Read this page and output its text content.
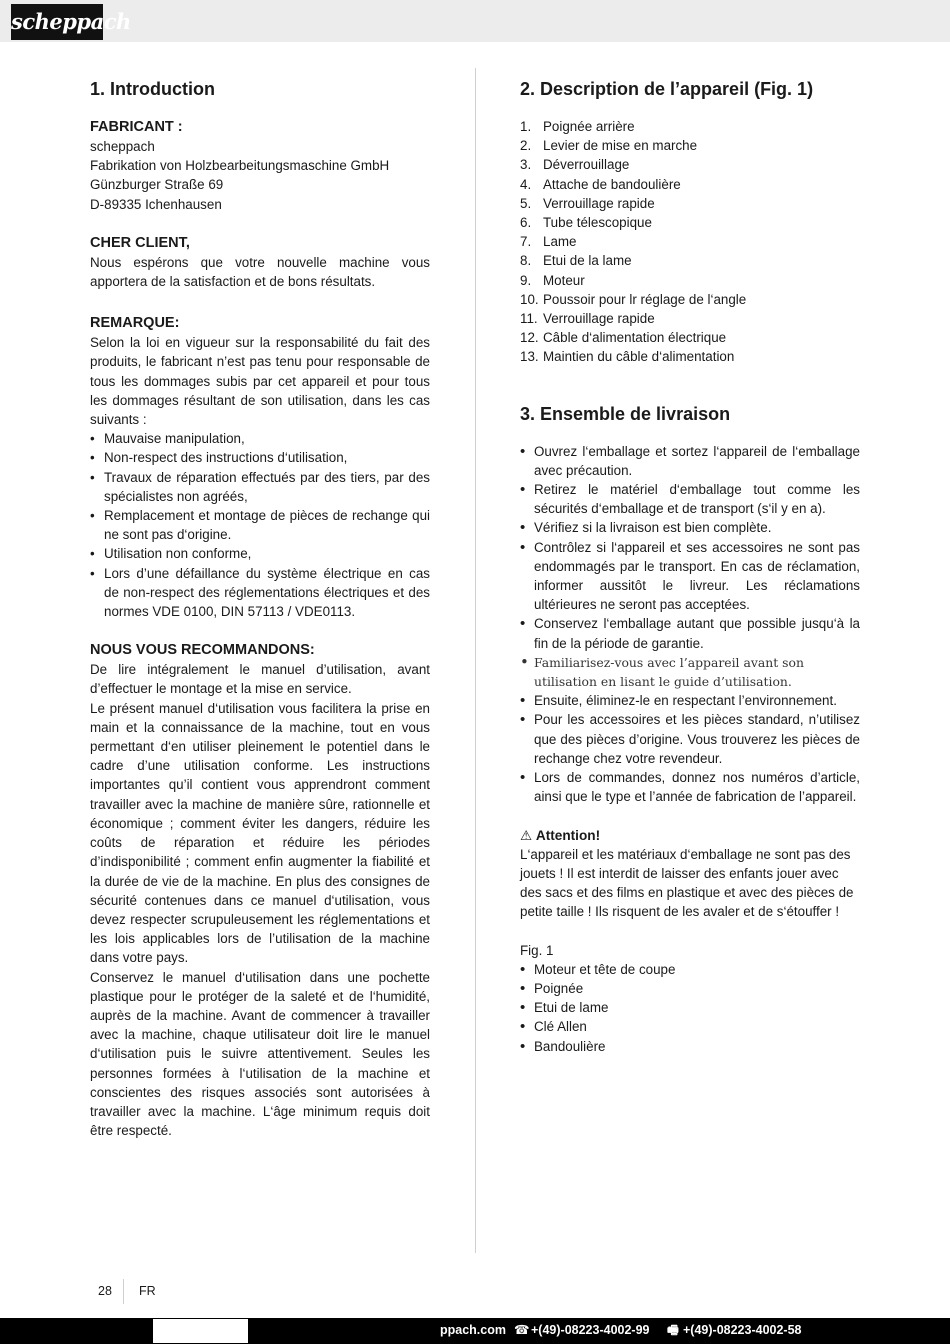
scheppach
1. Introduction
FABRICANT :

scheppach

Fabrikation von Holzbearbeitungsmaschine GmbH

Günzburger Straße 69

D-89335 Ichenhausen

CHER CLIENT,

Nous espérons que votre nouvelle machine vous apportera de la satisfaction et de bons résultats.

REMARQUE:

Selon la loi en vigueur sur la responsabilité du fait des produits, le fabricant n’est pas tenu pour responsable de tous les dommages subis par cet appareil et pour tous les dommages résultant de son utilisation, dans les cas suivants :

• Mauvaise manipulation,
• Non-respect des instructions d‘utilisation,
• Travaux de réparation effectués par des tiers, par des spécialistes non agréés,
• Remplacement et montage de pièces de rechange qui ne sont pas d‘origine.
• Utilisation non conforme,
• Lors d’une défaillance du système électrique en cas de non-respect des réglementations électriques et des normes VDE 0100, DIN 57113 / VDE0113.
NOUS VOUS RECOMMANDONS:

De lire intégralement le manuel d’utilisation, avant d’effectuer le montage et la mise en service.

Le présent manuel d‘utilisation vous facilitera la prise en main et la connaissance de la machine, tout en vous permettant d‘en utiliser pleinement le potentiel dans le cadre d’une utilisation conforme. Les instructions importantes qu’il contient vous apprendront comment travailler avec la machine de manière sûre, rationnelle et économique ; comment éviter les dangers, réduire les coûts de réparation et réduire les périodes d’indisponibilité ; comment enfin augmenter la fiabilité et la durée de vie de la machine. En plus des consignes de sécurité contenues dans ce manuel d‘utilisation, vous devez respecter scrupuleusement les réglementations et les lois applicables lors de l’utilisation de la machine dans votre pays.

Conservez le manuel d‘utilisation dans une pochette plastique pour le protéger de la saleté et de l‘humidité, auprès de la machine. Avant de commencer à travailler avec la machine, chaque utilisateur doit lire le manuel d‘utilisation puis le suivre attentivement. Seules les personnes formées à l‘utilisation de la machine et conscientes des risques associés sont autorisées à travailler avec la machine. L‘âge minimum requis doit être respecté.

2. Description de l’appareil (Fig. 1)
1. Poignée arrière
2. Levier de mise en marche
3. Déverrouillage
4. Attache de bandoulière
5. Verrouillage rapide
6. Tube télescopique
7. Lame
8. Etui de la lame
9. Moteur
10. Poussoir pour lr réglage de l‘angle
11. Verrouillage rapide
12. Câble d‘alimentation électrique
13. Maintien du câble d‘alimentation
3. Ensemble de livraison
• Ouvrez l‘emballage et sortez l‘appareil de l‘emballage avec précaution.
• Retirez le matériel d‘emballage tout comme les sécurités d‘emballage et de transport (s‘il y en a).
• Vérifiez si la livraison est bien complète.
• Contrôlez si l‘appareil et ses accessoires ne sont pas endommagés par le transport. En cas de réclamation, informer aussitôt le livreur. Les réclamations ultérieures ne seront pas acceptées.
• Conservez l‘emballage autant que possible jusqu‘à la fin de la période de garantie.
• Familiarisez-vous avec l’appareil avant son utilisation en lisant le guide d’utilisation.
• Ensuite, éliminez-le en respectant l’environnement.
• Pour les accessoires et les pièces standard, n’utilisez que des pièces d’origine. Vous trouverez les pièces de rechange chez votre revendeur.
• Lors de commandes, donnez nos numéros d’article, ainsi que le type et l’année de fabrication de l’appareil.
⚠ Attention!

L‘appareil et les matériaux d‘emballage ne sont pas des jouets ! Il est interdit de laisser des enfants jouer avec des sacs et des films en plastique et avec des pièces de petite taille ! Ils risquent de les avaler et de s‘étouffer !

Fig. 1

• Moteur et tête de coupe
• Poignée
• Etui de lame
• Clé Allen
• Bandoulière
28 FR
ppach.com ☎ +(49)-08223-4002-99 🖷 +(49)-08223-4002-58
